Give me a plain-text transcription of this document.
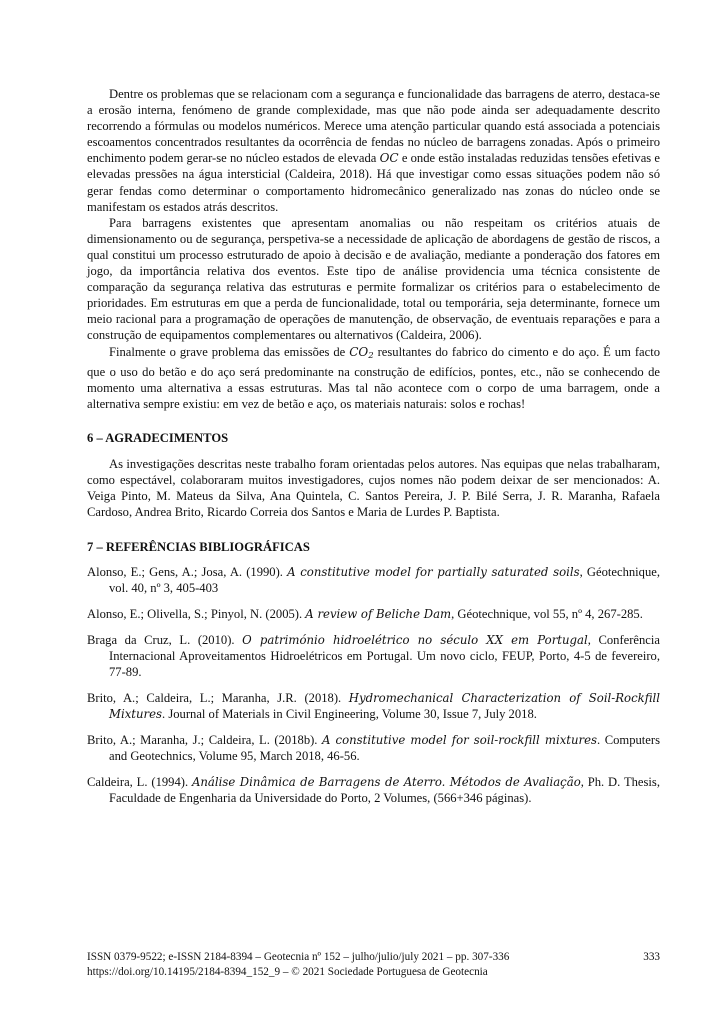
Dentre os problemas que se relacionam com a segurança e funcionalidade das barragens de aterro, destaca-se a erosão interna, fenómeno de grande complexidade, mas que não pode ainda ser adequadamente descrito recorrendo a fórmulas ou modelos numéricos. Merece uma atenção particular quando está associada a potenciais escoamentos concentrados resultantes da ocorrência de fendas no núcleo de barragens zonadas. Após o primeiro enchimento podem gerar-se no núcleo estados de elevada OC e onde estão instaladas reduzidas tensões efetivas e elevadas pressões na água intersticial (Caldeira, 2018). Há que investigar como essas situações podem não só gerar fendas como determinar o comportamento hidromecânico generalizado nas zonas do núcleo onde se manifestam os estados atrás descritos.

Para barragens existentes que apresentam anomalias ou não respeitam os critérios atuais de dimensionamento ou de segurança, perspetiva-se a necessidade de aplicação de abordagens de gestão de riscos, a qual constitui um processo estruturado de apoio à decisão e de avaliação, mediante a ponderação dos fatores em jogo, da importância relativa dos eventos. Este tipo de análise providencia uma técnica consistente de comparação da segurança relativa das estruturas e permite formalizar os critérios para o estabelecimento de prioridades. Em estruturas em que a perda de funcionalidade, total ou temporária, seja determinante, fornece um meio racional para a programação de operações de manutenção, de observação, de eventuais reparações e para a construção de equipamentos complementares ou alternativos (Caldeira, 2006).

Finalmente o grave problema das emissões de $CO_2$ resultantes do fabrico do cimento e do aço. É um facto que o uso do betão e do aço será predominante na construção de edifícios, pontes, etc., não se conhecendo de momento uma alternativa a essas estruturas. Mas tal não acontece com o corpo de uma barragem, onde a alternativa sempre existiu: em vez de betão e aço, os materiais naturais: solos e rochas!

6 – AGRADECIMENTOS

As investigações descritas neste trabalho foram orientadas pelos autores. Nas equipas que nelas trabalharam, como espectável, colaboraram muitos investigadores, cujos nomes não podem deixar de ser mencionados: A. Veiga Pinto, M. Mateus da Silva, Ana Quintela, C. Santos Pereira, J. P. Bilé Serra, J. R. Maranha, Rafaela Cardoso, Andrea Brito, Ricardo Correia dos Santos e Maria de Lurdes P. Baptista.

7 – REFERÊNCIAS BIBLIOGRÁFICAS

Alonso, E.; Gens, A.; Josa, A. (1990). A constitutive model for partially saturated soils, Géotechnique, vol. 40, nº 3, 405-403

Alonso, E.; Olivella, S.; Pinyol, N. (2005). A review of Beliche Dam, Géotechnique, vol 55, nº 4, 267-285.

Braga da Cruz, L. (2010). O património hidroelétrico no século XX em Portugal, Conferência Internacional Aproveitamentos Hidroelétricos em Portugal. Um novo ciclo, FEUP, Porto, 4-5 de fevereiro, 77-89.

Brito, A.; Caldeira, L.; Maranha, J.R. (2018). Hydromechanical Characterization of Soil-Rockfill Mixtures. Journal of Materials in Civil Engineering, Volume 30, Issue 7, July 2018.

Brito, A.; Maranha, J.; Caldeira, L. (2018b). A constitutive model for soil-rockfill mixtures. Computers and Geotechnics, Volume 95, March 2018, 46-56.

Caldeira, L. (1994). Análise Dinâmica de Barragens de Aterro. Métodos de Avaliação, Ph. D. Thesis, Faculdade de Engenharia da Universidade do Porto, 2 Volumes, (566+346 páginas).

ISSN 0379-9522; e-ISSN 2184-8394 – Geotecnia nº 152 – julho/julio/july 2021 – pp. 307-336
https://doi.org/10.14195/2184-8394_152_9 – © 2021 Sociedade Portuguesa de Geotecnia
333
